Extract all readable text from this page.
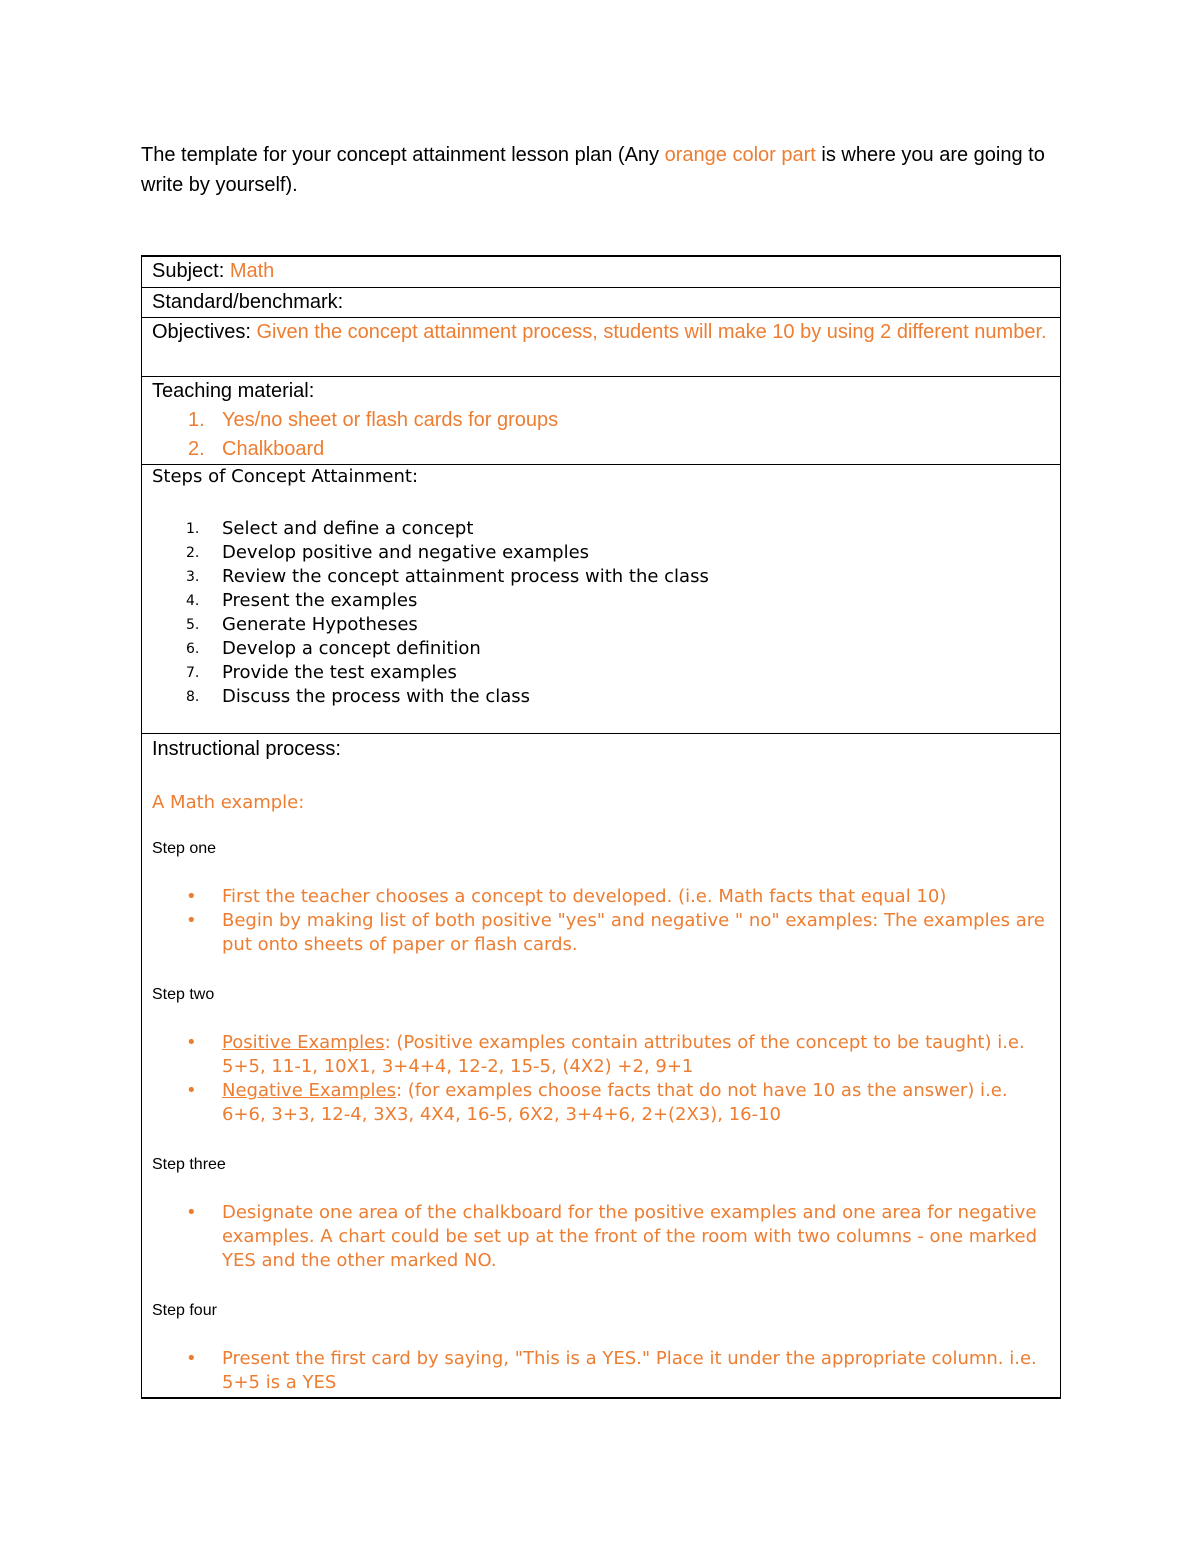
The template for your concept attainment lesson plan (Any orange color part is where you are going to write by yourself).
Subject: Math
Standard/benchmark:
Objectives: Given the concept attainment process, students will make 10 by using 2 different number.
Teaching material:
1. Yes/no sheet or flash cards for groups
2. Chalkboard
Steps of Concept Attainment:
1. Select and define a concept
2. Develop positive and negative examples
3. Review the concept attainment process with the class
4. Present the examples
5. Generate Hypotheses
6. Develop a concept definition
7. Provide the test examples
8. Discuss the process with the class
Instructional process:
A Math example:
Step one
• First the teacher chooses a concept to developed. (i.e. Math facts that equal 10)
• Begin by making list of both positive "yes" and negative " no" examples: The examples are put onto sheets of paper or flash cards.
Step two
• Positive Examples: (Positive examples contain attributes of the concept to be taught) i.e. 5+5, 11-1, 10X1, 3+4+4, 12-2, 15-5, (4X2) +2, 9+1
• Negative Examples: (for examples choose facts that do not have 10 as the answer) i.e. 6+6, 3+3, 12-4, 3X3, 4X4, 16-5, 6X2, 3+4+6, 2+(2X3), 16-10
Step three
• Designate one area of the chalkboard for the positive examples and one area for negative examples. A chart could be set up at the front of the room with two columns - one marked YES and the other marked NO.
Step four
• Present the first card by saying, "This is a YES." Place it under the appropriate column. i.e. 5+5 is a YES
